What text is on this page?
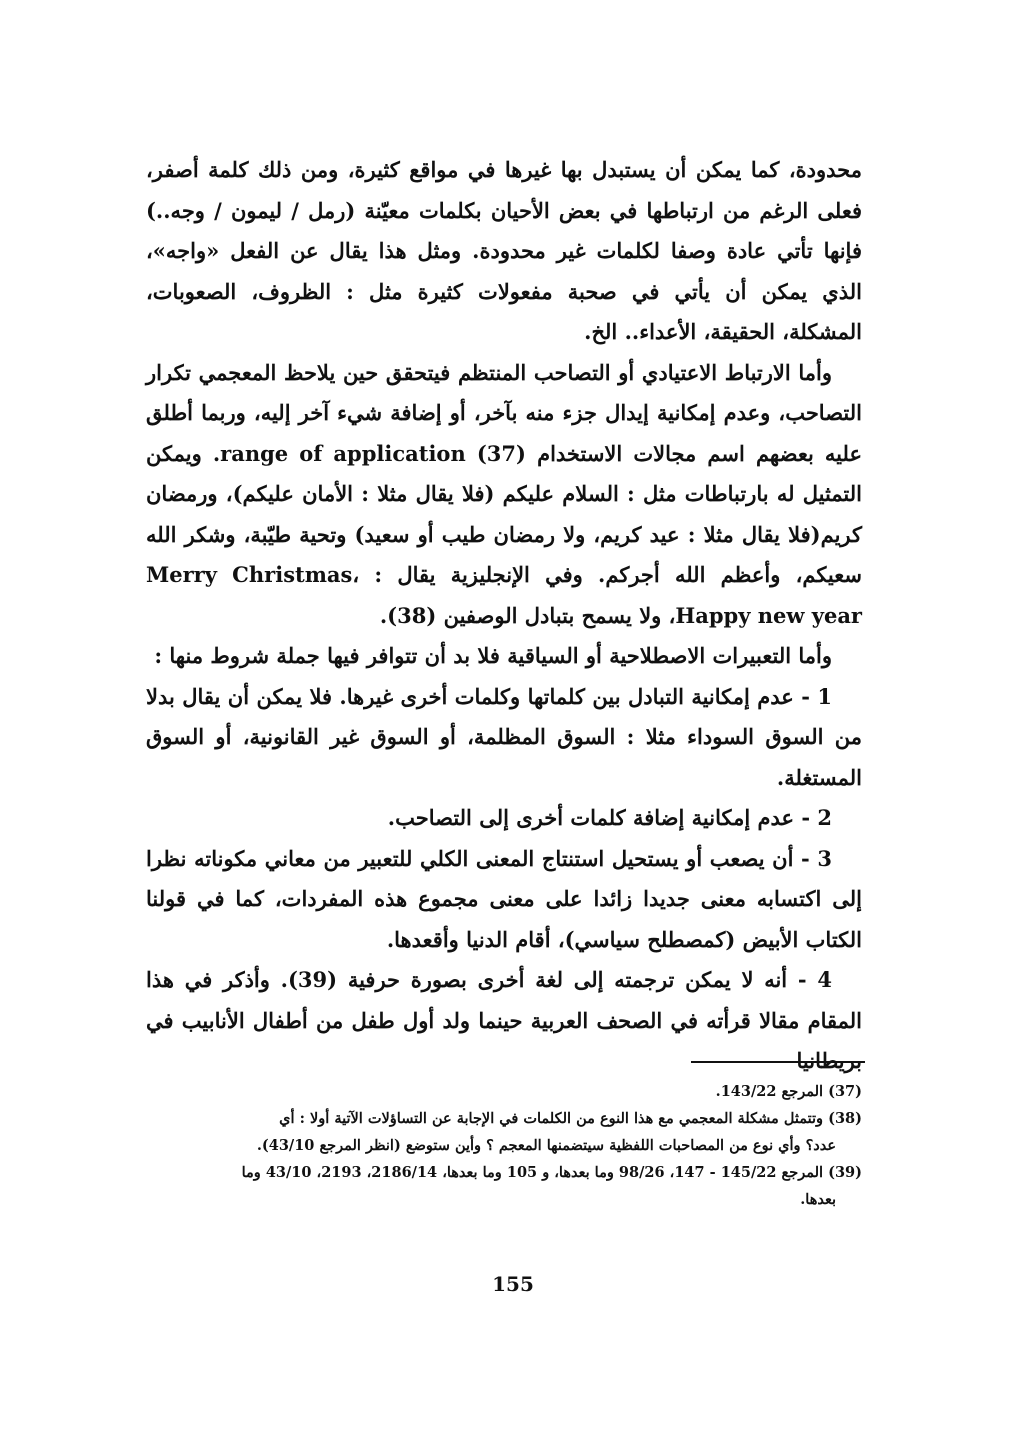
محدودة، كما يمكن أن يستبدل بها غيرها في مواقع كثيرة، ومن ذلك كلمة أصفر، فعلى الرغم من ارتباطها في بعض الأحيان بكلمات معيّنة (رمل / ليمون / وجه..) فإنها تأتي عادة وصفا لكلمات غير محدودة. ومثل هذا يقال عن الفعل «واجه»، الذي يمكن أن يأتي في صحبة مفعولات كثيرة مثل : الظروف، الصعوبات، المشكلة، الحقيقة، الأعداء.. الخ.

وأما الارتباط الاعتيادي أو التصاحب المنتظم فيتحقق حين يلاحظ المعجمي تكرار التصاحب، وعدم إمكانية إيدال جزء منه بآخر، أو إضافة شيء آخر إليه، وربما أطلق عليه بعضهم اسم مجالات الاستخدام range of application (37). ويمكن التمثيل له بارتباطات مثل : السلام عليكم (فلا يقال مثلا : الأمان عليكم)، ورمضان كريم(فلا يقال مثلا : عيد كريم، ولا رمضان طيب أو سعيد) وتحية طيّبة، وشكر الله سعيكم، وأعظم الله أجركم. وفي الإنجليزية يقال : Merry Christmas، Happy new year، ولا يسمح بتبادل الوصفين (38).

وأما التعبيرات الاصطلاحية أو السياقية فلا بد أن تتوافر فيها جملة شروط منها :

1 - عدم إمكانية التبادل بين كلماتها وكلمات أخرى غيرها. فلا يمكن أن يقال بدلا من السوق السوداء مثلا : السوق المظلمة، أو السوق غير القانونية، أو السوق المستغلة.

2 - عدم إمكانية إضافة كلمات أخرى إلى التصاحب.

3 - أن يصعب أو يستحيل استنتاج المعنى الكلي للتعبير من معاني مكوناته نظرا إلى اكتسابه معنى جديدا زائدا على معنى مجموع هذه المفردات، كما في قولنا الكتاب الأبيض (كمصطلح سياسي)، أقام الدنيا وأقعدها.

4 - أنه لا يمكن ترجمته إلى لغة أخرى بصورة حرفية (39). وأذكر في هذا المقام مقالا قرأته في الصحف العربية حينما ولد أول طفل من أطفال الأنابيب في بريطانيا

(37) المرجع 143/22.

(38) وتتمثل مشكلة المعجمي مع هذا النوع من الكلمات في الإجابة عن التساؤلات الآتية أولا : أي

عدد؟ وأي نوع من المصاحبات اللفظية سيتضمنها المعجم ؟ وأين ستوضع (انظر المرجع 43/10).

(39) المرجع 145/22 - 147، 98/26 وما بعدها، و 105 وما بعدها، 2186/14، 2193، 43/10 وما

بعدها.

155
